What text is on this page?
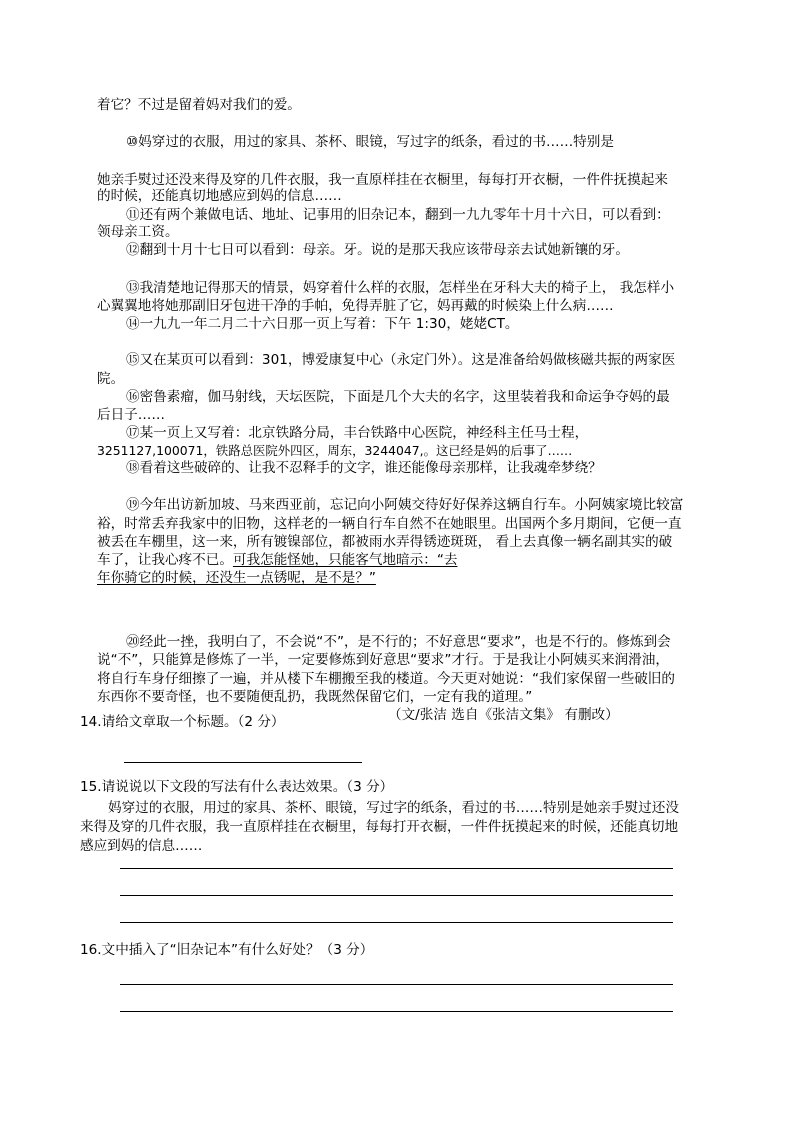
着它？不过是留着妈对我们的爱。
⑩妈穿过的衣服，用过的家具、茶杯、眼镜，写过字的纸条，看过的书……特别是
她亲手熨过还没来得及穿的几件衣服，我一直原样挂在衣橱里，每每打开衣橱，一件件抚摸起来
的时候，还能真切地感应到妈的信息……
⑪还有两个兼做电话、地址、记事用的旧杂记本，翻到一九九零年十月十六日，可以看到：
领母亲工资。
⑫翻到十月十七日可以看到：母亲。牙。说的是那天我应该带母亲去试她新镶的牙。
⑬我清楚地记得那天的情景，妈穿着什么样的衣服，怎样坐在牙科大夫的椅子上， 我怎样小
心翼翼地将她那副旧牙包进干净的手帕，免得弄脏了它，妈再戴的时候染上什么病……
⑭一九九一年二月二十六日那一页上写着：下午 1:30，姥姥CT。
⑮又在某页可以看到：301，博爱康复中心（永定门外）。这是准备给妈做核磁共振的两家医
院。
⑯密鲁素瘤，伽马射线，天坛医院，下面是几个大夫的名字，这里装着我和命运争夺妈的最
后日子……
⑰某一页上又写着：北京铁路分局，丰台铁路中心医院，神经科主任马士程，
3251127,100071，铁路总医院外四区，周东，3244047,。这已经是妈的后事了……
⑱看着这些破碎的、让我不忍释手的文字，谁还能像母亲那样，让我魂牵梦绕？
⑲今年出访新加坡、马来西亚前，忘记向小阿姨交待好好保养这辆自行车。小阿姨家境比较富
裕，时常丢弃我家中的旧物，这样老的一辆自行车自然不在她眼里。出国两个多月期间，它便一直
被丢在车棚里，这一来，所有镀镍部位，都被雨水弄得锈迹斑斑， 看上去真像一辆名副其实的破
车了，让我心疼不已。可我怎能怪她，只能客气地暗示：“去
年你骑它的时候，还没生一点锈呢，是不是？”
⑳经此一挫，我明白了，不会说“不”，是不行的；不好意思“要求”，也是不行的。修炼到会
说“不”，只能算是修炼了一半，一定要修炼到好意思“要求”才行。于是我让小阿姨买来润滑油，
将自行车身仔细擦了一遍，并从楼下车棚搬至我的楼道。今天更对她说：“我们家保留一些破旧的
东西你不要奇怪，也不要随便乱扔，我既然保留它们，一定有我的道理。”
（文/张洁 选自《张洁文集》 有删改）
14.请给文章取一个标题。（2 分）
15.请说说以下文段的写法有什么表达效果。（3 分）
妈穿过的衣服，用过的家具、茶杯、眼镜，写过字的纸条，看过的书……特别是她亲手熨过还没
来得及穿的几件衣服，我一直原样挂在衣橱里，每每打开衣橱，一件件抚摸起来的时候，还能真切地
感应到妈的信息……
16.文中插入了“旧杂记本”有什么好处？（3 分）
